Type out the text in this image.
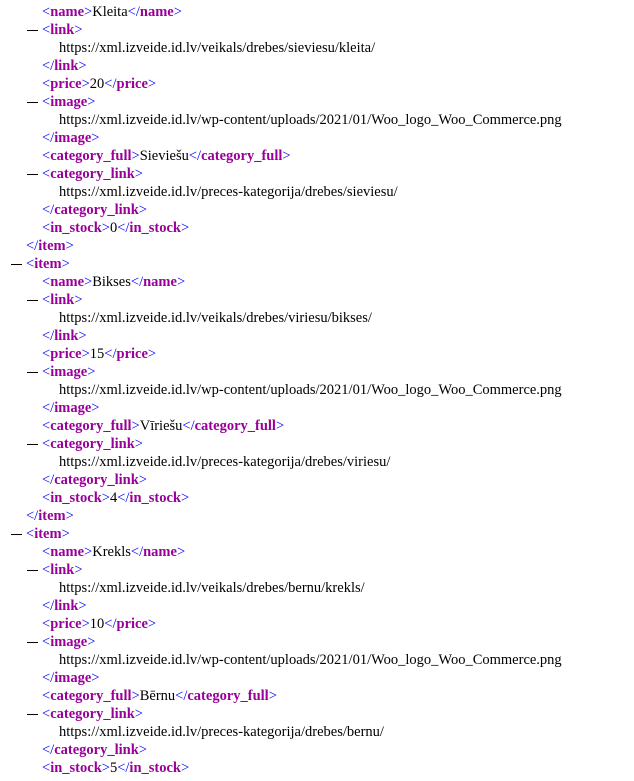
<name>Kleita</name>
<link>
https://xml.izveide.id.lv/veikals/drebes/sieviesu/kleita/
</link>
<price>20</price>
<image>
https://xml.izveide.id.lv/wp-content/uploads/2021/01/Woo_logo_Woo_Commerce.png
</image>
<category_full>Sieviešu</category_full>
<category_link>
https://xml.izveide.id.lv/preces-kategorija/drebes/sieviesu/
</category_link>
<in_stock>0</in_stock>
</item>
<item>
<name>Bikses</name>
<link>
https://xml.izveide.id.lv/veikals/drebes/viriesu/bikses/
</link>
<price>15</price>
<image>
https://xml.izveide.id.lv/wp-content/uploads/2021/01/Woo_logo_Woo_Commerce.png
</image>
<category_full>Vīriešu</category_full>
<category_link>
https://xml.izveide.id.lv/preces-kategorija/drebes/viriesu/
</category_link>
<in_stock>4</in_stock>
</item>
<item>
<name>Krekls</name>
<link>
https://xml.izveide.id.lv/veikals/drebes/bernu/krekls/
</link>
<price>10</price>
<image>
https://xml.izveide.id.lv/wp-content/uploads/2021/01/Woo_logo_Woo_Commerce.png
</image>
<category_full>Bērnu</category_full>
<category_link>
https://xml.izveide.id.lv/preces-kategorija/drebes/bernu/
</category_link>
<in_stock>5</in_stock>
